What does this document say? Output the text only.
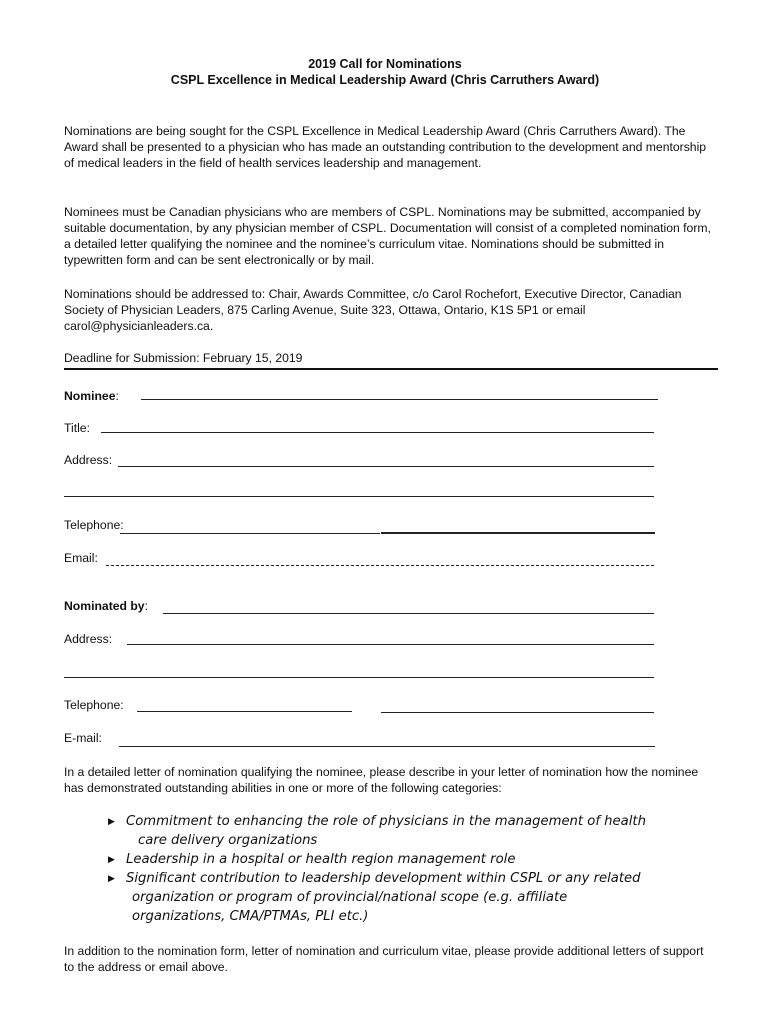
2019 Call for Nominations
CSPL Excellence in Medical Leadership Award (Chris Carruthers Award)

Nominations are being sought for the CSPL Excellence in Medical Leadership Award (Chris Carruthers Award). The Award shall be presented to a physician who has made an outstanding contribution to the development and mentorship of medical leaders in the field of health services leadership and management.

Nominees must be Canadian physicians who are members of CSPL. Nominations may be submitted, accompanied by suitable documentation, by any physician member of CSPL. Documentation will consist of a completed nomination form, a detailed letter qualifying the nominee and the nominee’s curriculum vitae. Nominations should be submitted in typewritten form and can be sent electronically or by mail.

Nominations should be addressed to: Chair, Awards Committee, c/o Carol Rochefort, Executive Director, Canadian Society of Physician Leaders, 875 Carling Avenue, Suite 323, Ottawa, Ontario, K1S 5P1 or email carol@physicianleaders.ca.

Deadline for Submission: February 15, 2019
Nominee:
Title:
Address:
Telephone:
Email:
Nominated by:
Address:
Telephone:
E-mail:

In a detailed letter of nomination qualifying the nominee, please describe in your letter of nomination how the nominee has demonstrated outstanding abilities in one or more of the following categories:

▶ Commitment to enhancing the role of physicians in the management of health
care delivery organizations
▶ Leadership in a hospital or health region management role
▶ Significant contribution to leadership development within CSPL or any related
organization or program of provincial/national scope (e.g. affiliate
organizations, CMA/PTMAs, PLI etc.)

In addition to the nomination form, letter of nomination and curriculum vitae, please provide additional letters of support to the address or email above.
